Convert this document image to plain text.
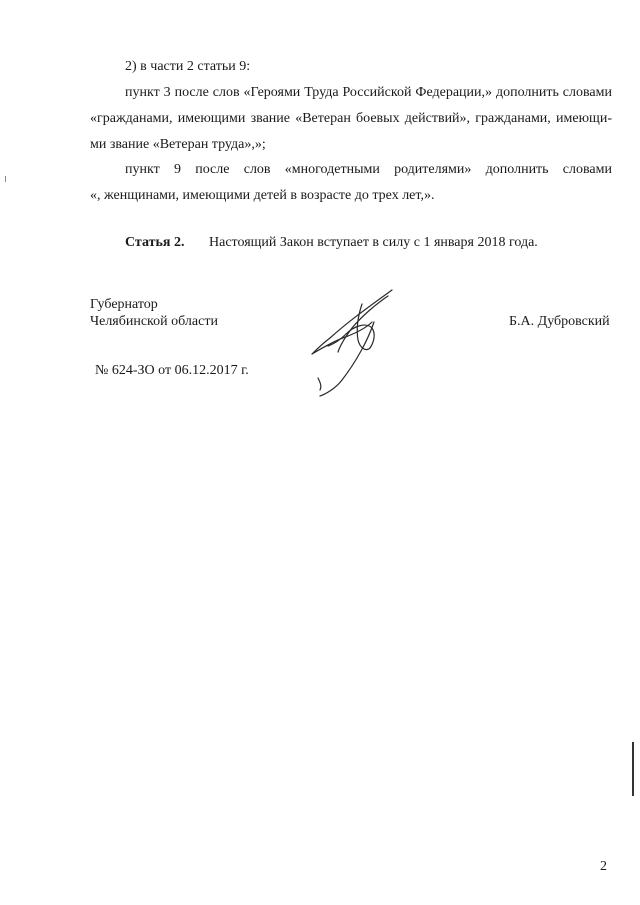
2) в части 2 статьи 9:
пункт 3 после слов «Героями Труда Российской Федерации,» дополнить словами
«гражданами, имеющими звание «Ветеран боевых действий», гражданами, имеющи-
ми звание «Ветеран труда»,»;
пункт 9 после слов «многодетными родителями» дополнить словами
«, женщинами, имеющими детей в возрасте до трех лет,».
Статья 2. Настоящий Закон вступает в силу с 1 января 2018 года.
Губернатор
Челябинской области	Б.А. Дубровский
№ 624-ЗО от 06.12.2017 г.
2
